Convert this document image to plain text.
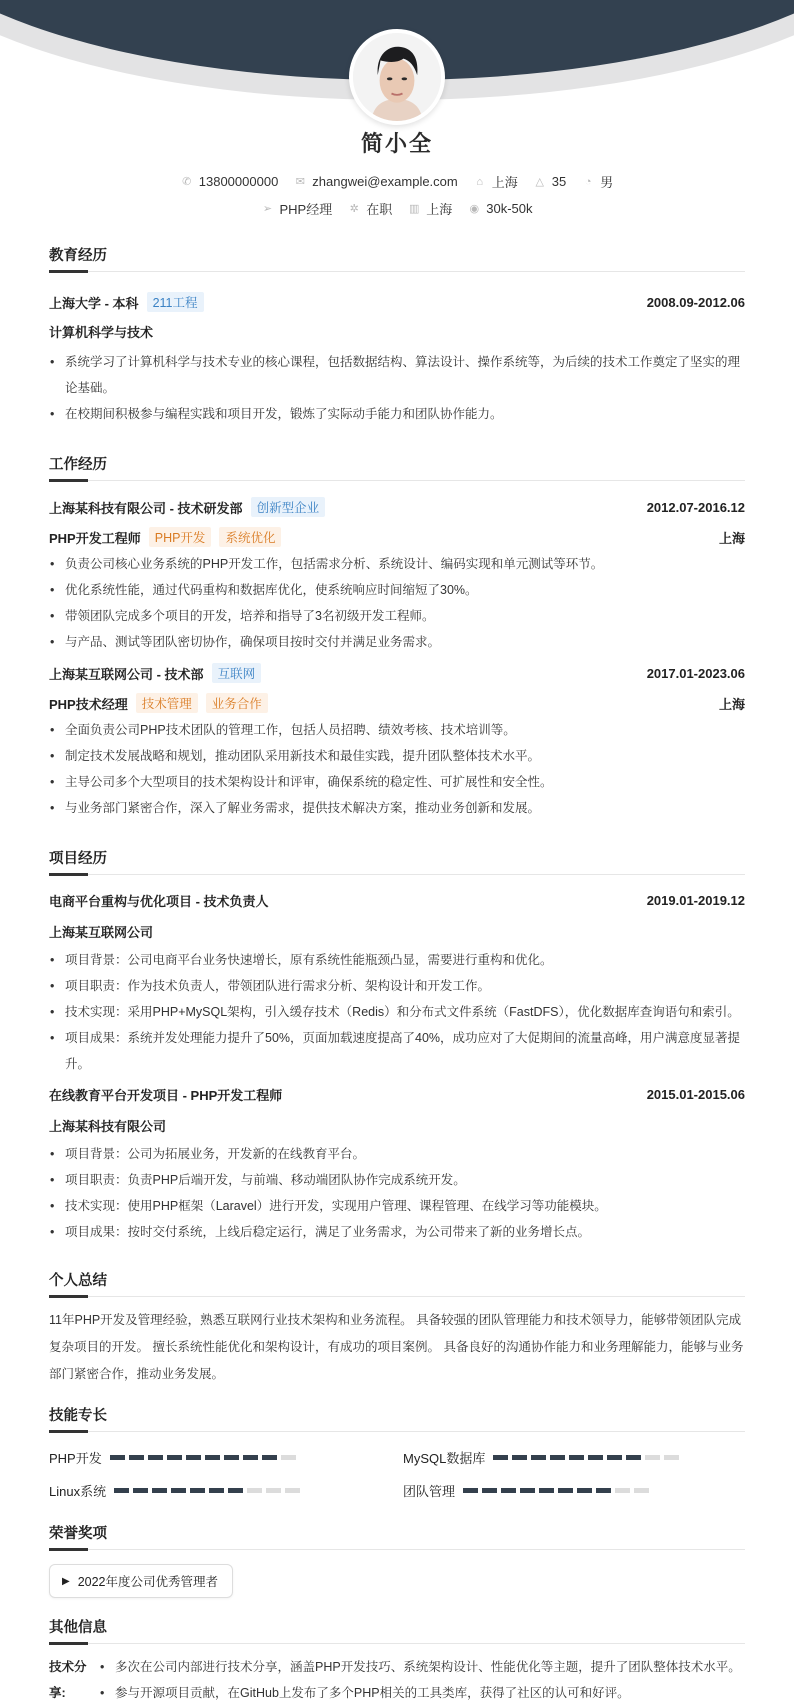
简小全
✆ 13800000000 ✉ zhangwei@example.com ⌂ 上海 △ 35 ◔ 男
➢ PHP经理 ✲ 在职 ▥ 上海 ◉ 30k-50k
教育经历
上海大学 - 本科	211工程	2008.09-2012.06
计算机科学与技术
• 系统学习了计算机科学与技术专业的核心课程，包括数据结构、算法设计、操作系统等，为后续的技术工作奠定了坚实的理论基础。
• 在校期间积极参与编程实践和项目开发，锻炼了实际动手能力和团队协作能力。
工作经历
上海某科技有限公司 - 技术研发部	创新型企业	2012.07-2016.12
PHP开发工程师	PHP开发	系统优化	上海
• 负责公司核心业务系统的PHP开发工作，包括需求分析、系统设计、编码实现和单元测试等环节。
• 优化系统性能，通过代码重构和数据库优化，使系统响应时间缩短了30%。
• 带领团队完成多个项目的开发，培养和指导了3名初级开发工程师。
• 与产品、测试等团队密切协作，确保项目按时交付并满足业务需求。
上海某互联网公司 - 技术部	互联网	2017.01-2023.06
PHP技术经理	技术管理	业务合作	上海
• 全面负责公司PHP技术团队的管理工作，包括人员招聘、绩效考核、技术培训等。
• 制定技术发展战略和规划，推动团队采用新技术和最佳实践，提升团队整体技术水平。
• 主导公司多个大型项目的技术架构设计和评审，确保系统的稳定性、可扩展性和安全性。
• 与业务部门紧密合作，深入了解业务需求，提供技术解决方案，推动业务创新和发展。
项目经历
电商平台重构与优化项目 - 技术负责人	2019.01-2019.12
上海某互联网公司
• 项目背景：公司电商平台业务快速增长，原有系统性能瓶颈凸显，需要进行重构和优化。
• 项目职责：作为技术负责人，带领团队进行需求分析、架构设计和开发工作。
• 技术实现：采用PHP+MySQL架构，引入缓存技术（Redis）和分布式文件系统（FastDFS），优化数据库查询语句和索引。
• 项目成果：系统并发处理能力提升了50%，页面加载速度提高了40%，成功应对了大促期间的流量高峰，用户满意度显著提升。
在线教育平台开发项目 - PHP开发工程师	2015.01-2015.06
上海某科技有限公司
• 项目背景：公司为拓展业务，开发新的在线教育平台。
• 项目职责：负责PHP后端开发，与前端、移动端团队协作完成系统开发。
• 技术实现：使用PHP框架（Laravel）进行开发，实现用户管理、课程管理、在线学习等功能模块。
• 项目成果：按时交付系统，上线后稳定运行，满足了业务需求，为公司带来了新的业务增长点。
个人总结
11年PHP开发及管理经验，熟悉互联网行业技术架构和业务流程。 具备较强的团队管理能力和技术领导力，能够带领团队完成复杂项目的开发。 擅长系统性能优化和架构设计，有成功的项目案例。 具备良好的沟通协作能力和业务理解能力，能够与业务部门紧密合作，推动业务发展。
技能专长
PHP开发	MySQL数据库
Linux系统	团队管理
荣誉奖项
▶ 2022年度公司优秀管理者
其他信息
技术分享:
• 多次在公司内部进行技术分享，涵盖PHP开发技巧、系统架构设计、性能优化等主题，提升了团队整体技术水平。
• 参与开源项目贡献，在GitHub上发布了多个PHP相关的工具类库，获得了社区的认可和好评。
